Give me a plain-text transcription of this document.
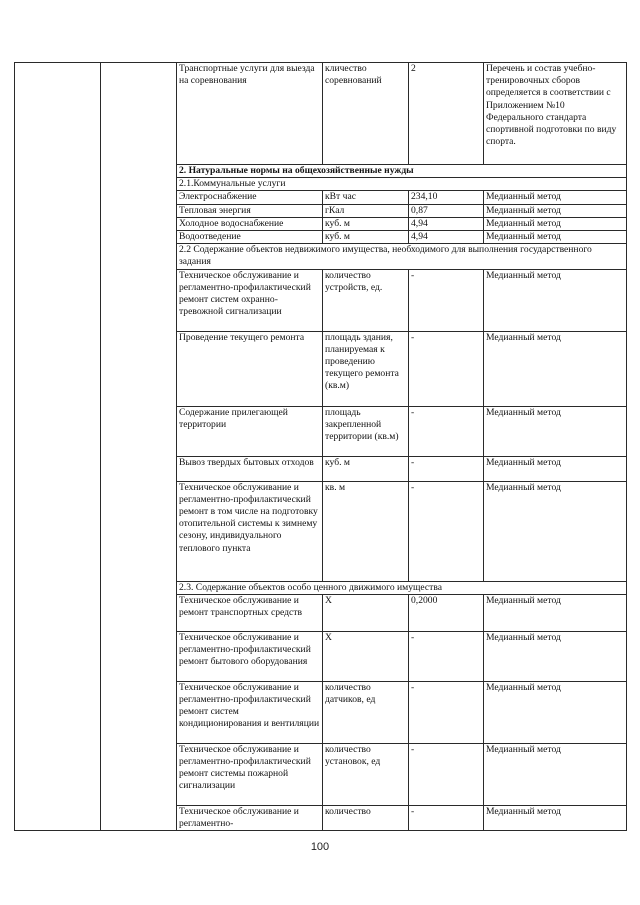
		Транспортные услуги для выезда на соревнования	кличество соревнований	2	Перечень и состав учебно-тренировочных сборов определяется в соответствии с Приложением №10 Федерального стандарта спортивной подготовки по виду спорта.
		2. Натуральные нормы на общехозяйственные нужды			
		2.1.Коммунальные услуги			
		Электроснабжение	кВт час	234,10	Медианный метод
		Тепловая энергия	гКал	0,87	Медианный метод
		Холодное водоснабжение	куб. м	4,94	Медианный метод
		Водоотведение	куб. м	4,94	Медианный метод
		2.2 Содержание объектов недвижимого имущества, необходимого для выполнения государственного задания			
		Техническое обслуживание и регламентно-профилактический ремонт систем охранно-тревожной сигнализации	количество устройств, ед.	-	Медианный метод
		Проведение текущего ремонта	площадь здания, планируемая к проведению текущего ремонта (кв.м)	-	Медианный метод
		Содержание прилегающей территории	площадь закрепленной территории (кв.м)	-	Медианный метод
		Вывоз твердых бытовых отходов	куб. м	-	Медианный метод
		Техническое обслуживание и регламентно-профилактический ремонт в том числе на подготовку отопительной системы к зимнему сезону, индивидуального теплового пункта	кв. м	-	Медианный метод
		2.3. Содержание объектов особо ценного движимого имущества			
		Техническое обслуживание и ремонт транспортных средств	Х	0,2000	Медианный метод
		Техническое обслуживание и регламентно-профилактический ремонт бытового оборудования	Х	-	Медианный метод
		Техническое обслуживание и регламентно-профилактический ремонт систем кондиционирования и вентиляции	количество датчиков, ед	-	Медианный метод
		Техническое обслуживание и регламентно-профилактический ремонт системы пожарной сигнализации	количество установок, ед	-	Медианный метод
		Техническое обслуживание и регламентно-	количество	-	Медианный метод
100
